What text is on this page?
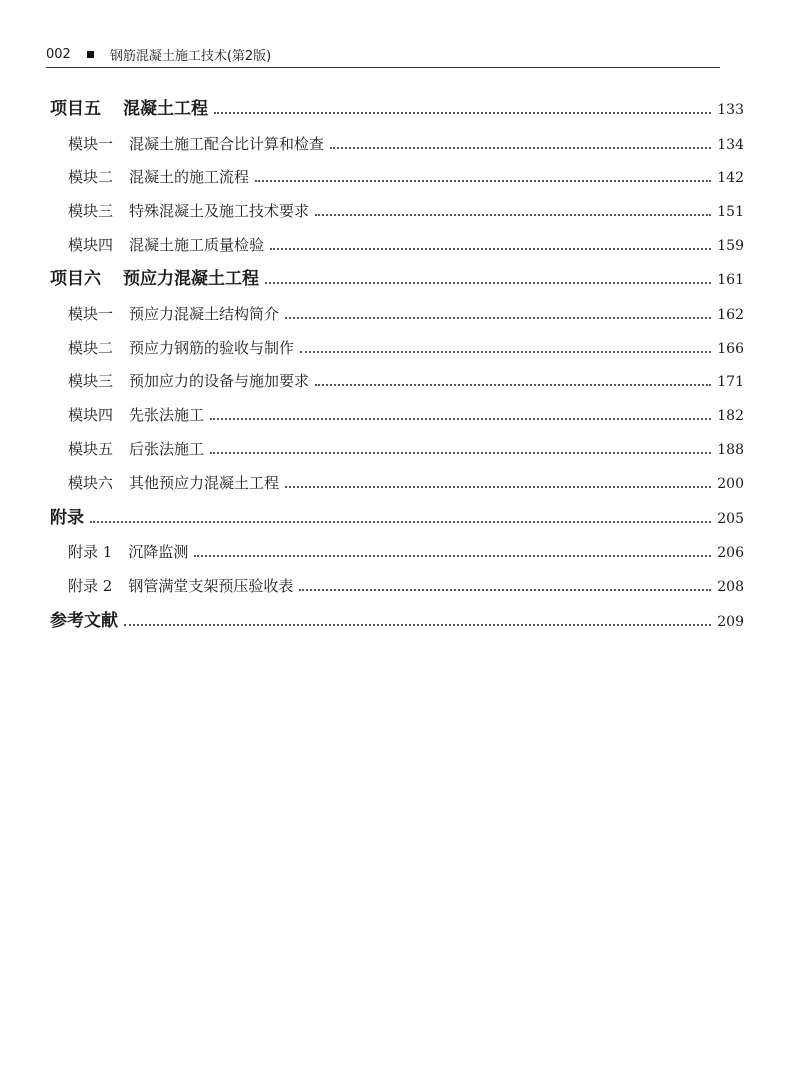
002	钢筋混凝土施工技术(第2版)
项目五 混凝土工程	133
模块一 混凝土施工配合比计算和检查	134
模块二 混凝土的施工流程	142
模块三 特殊混凝土及施工技术要求	151
模块四 混凝土施工质量检验	159
项目六 预应力混凝土工程	161
模块一 预应力混凝土结构简介	162
模块二 预应力钢筋的验收与制作	166
模块三 预加应力的设备与施加要求	171
模块四 先张法施工	182
模块五 后张法施工	188
模块六 其他预应力混凝土工程	200
附录	205
附录 1 沉降监测	206
附录 2 钢管满堂支架预压验收表	208
参考文献	209
